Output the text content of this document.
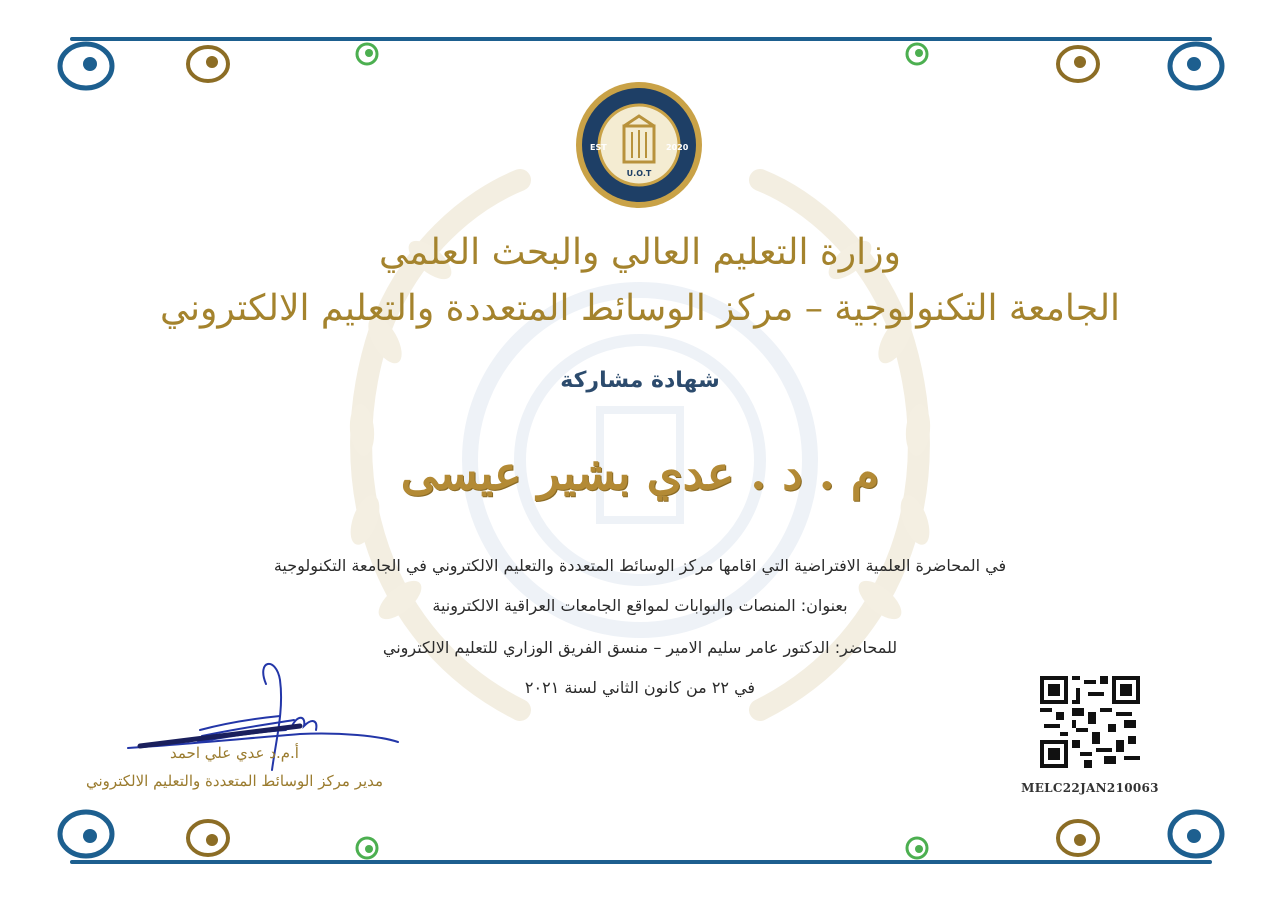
EST	2020
U.O.T
وزارة التعليم العالي والبحث العلمي
الجامعة التكنولوجية – مركز الوسائط المتعددة والتعليم الالكتروني
شهادة مشاركة
م . د . عدي بشير عيسى
في المحاضرة العلمية الافتراضية التي اقامها مركز الوسائط المتعددة والتعليم الالكتروني في الجامعة التكنولوجية
بعنوان: المنصات والبوابات لمواقع الجامعات العراقية الالكترونية
للمحاضر: الدكتور عامر سليم الامير – منسق الفريق الوزاري للتعليم الالكتروني
في ٢٢ من كانون الثاني لسنة ٢٠٢١
أ.م.د عدي علي احمد
مدير مركز الوسائط المتعددة والتعليم الالكتروني	MELC22JAN210063
